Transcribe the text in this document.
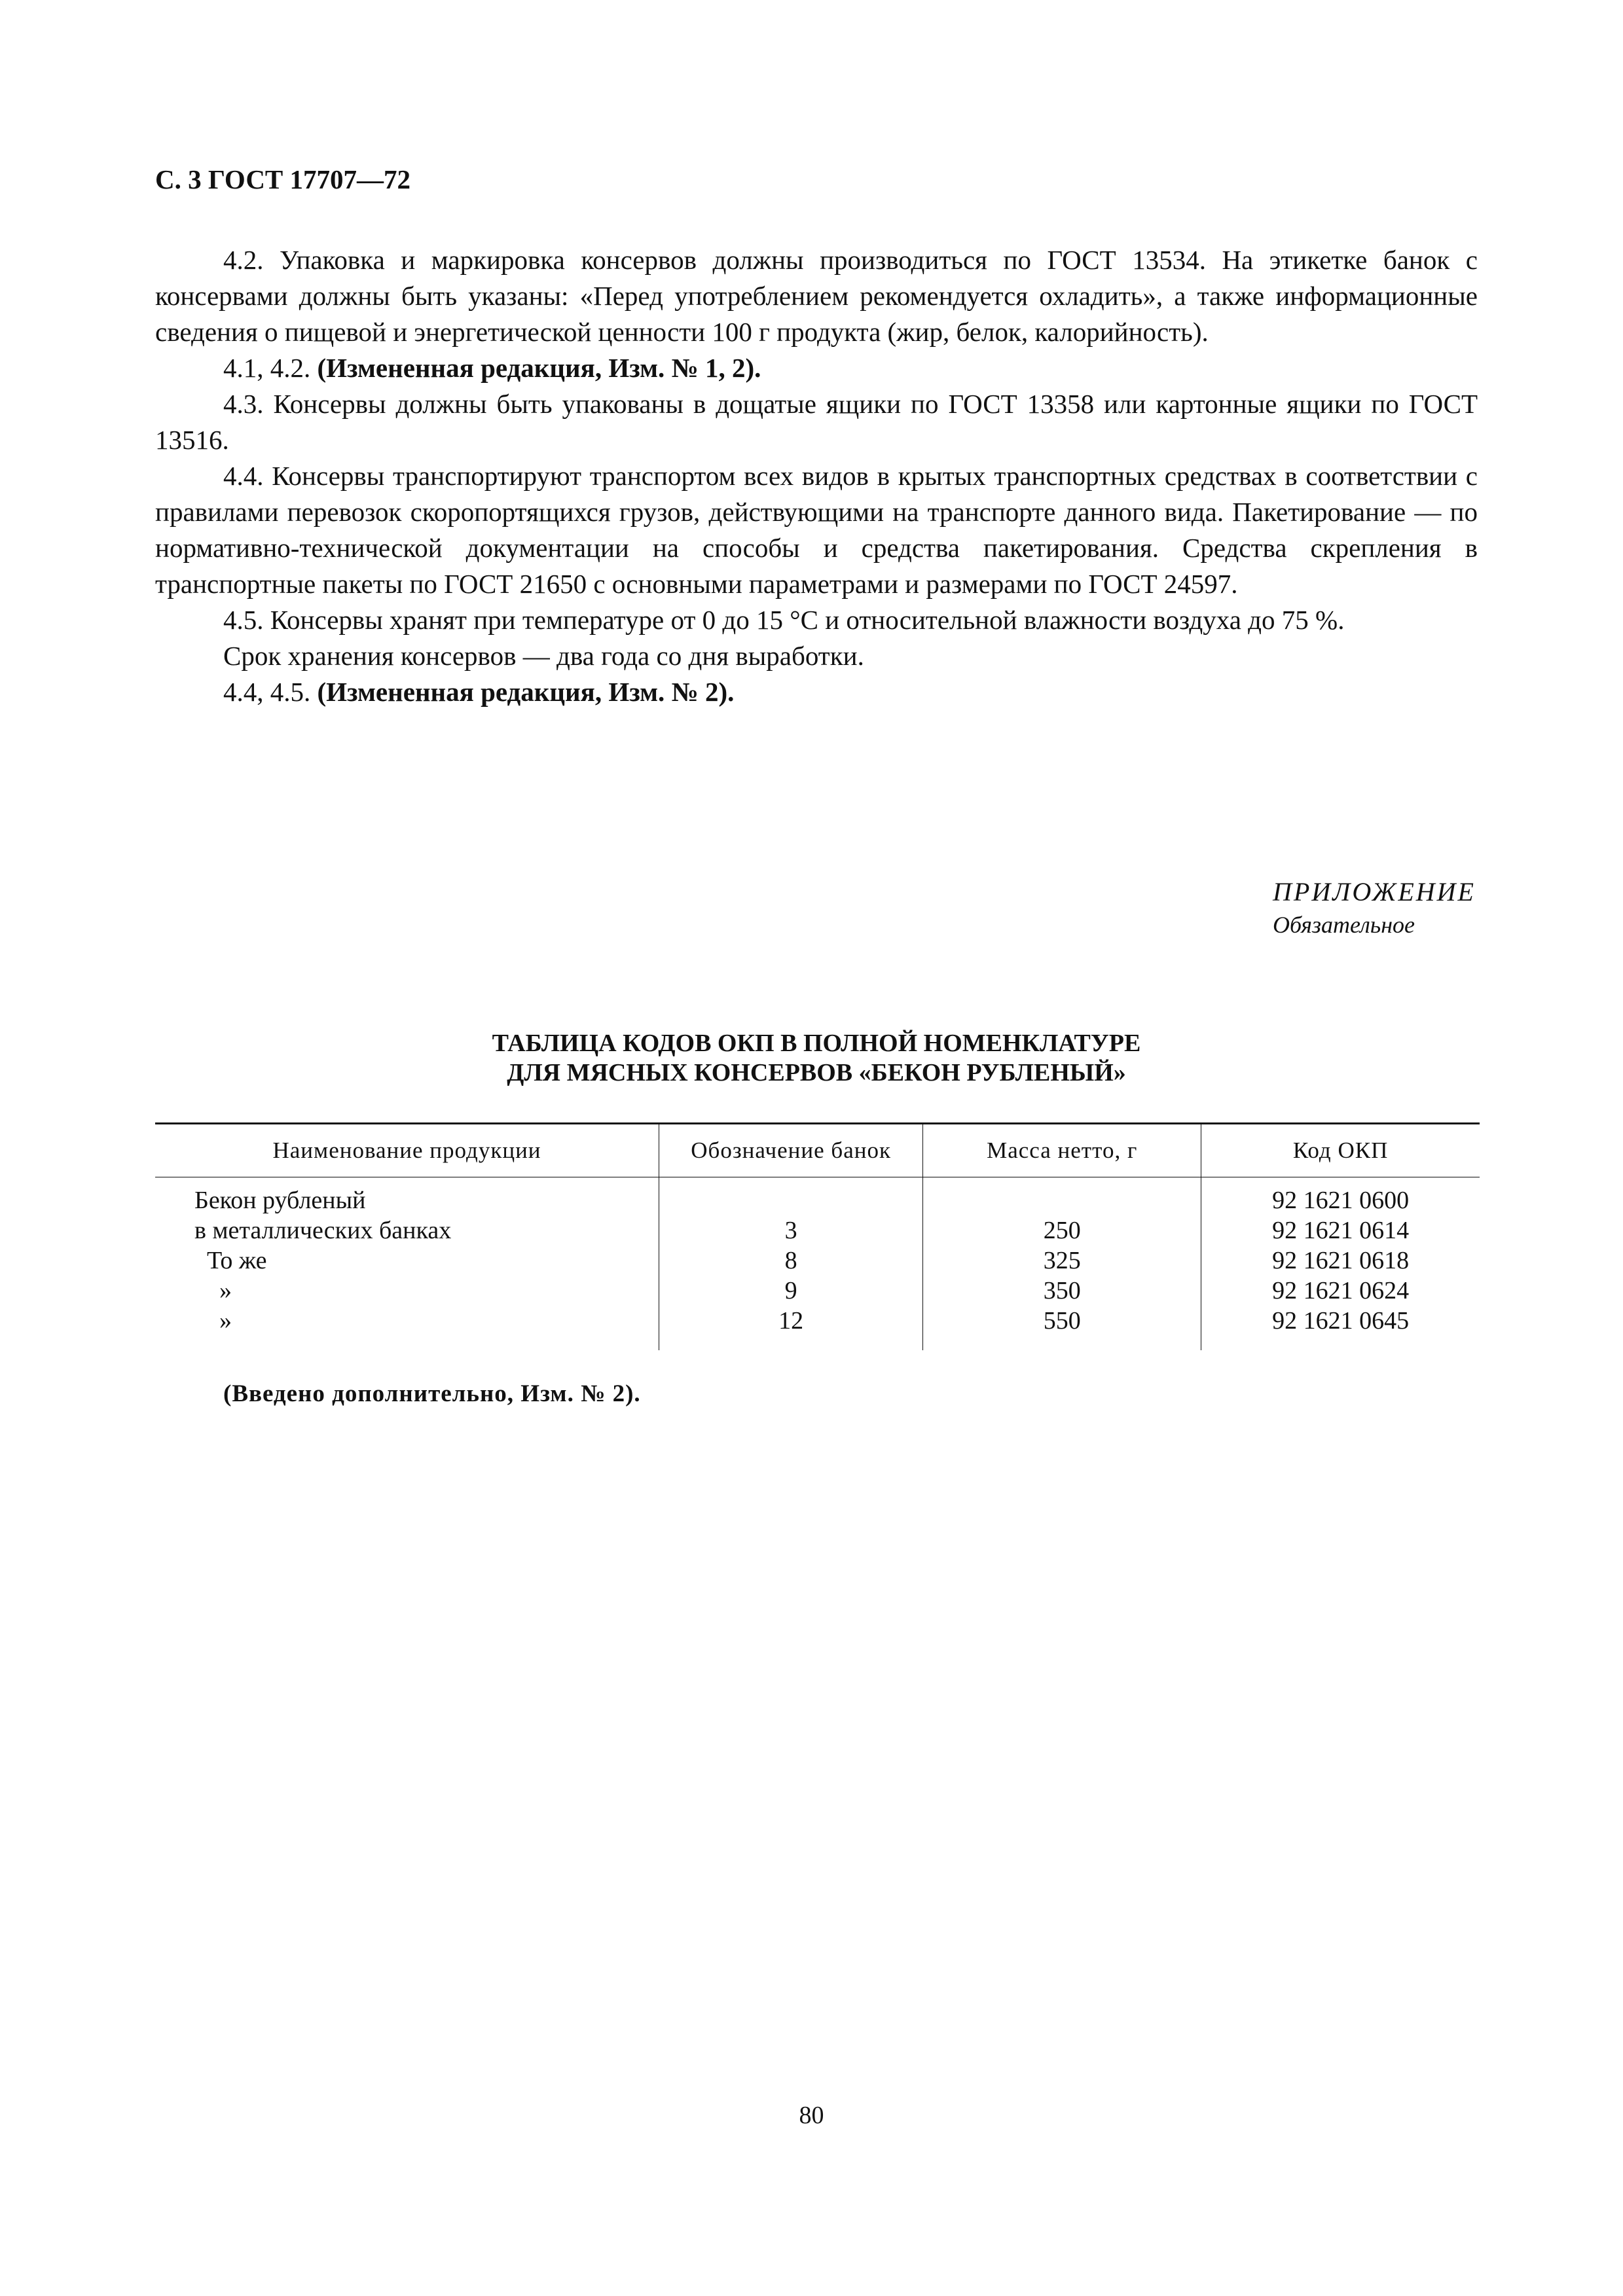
С. 3 ГОСТ 17707—72

4.2. Упаковка и маркировка консервов должны производиться по ГОСТ 13534. На этикетке банок с консервами должны быть указаны: «Перед употреблением рекомендуется охладить», а также информационные сведения о пищевой и энергетической ценности 100 г продукта (жир, белок, калорийность).

4.1, 4.2. (Измененная редакция, Изм. № 1, 2).

4.3. Консервы должны быть упакованы в дощатые ящики по ГОСТ 13358 или картонные ящики по ГОСТ 13516.

4.4. Консервы транспортируют транспортом всех видов в крытых транспортных средствах в соответствии с правилами перевозок скоропортящихся грузов, действующими на транспорте данного вида. Пакетирование — по нормативно-технической документации на способы и средства пакетирования. Средства скрепления в транспортные пакеты по ГОСТ 21650 с основными параметрами и размерами по ГОСТ 24597.

4.5. Консервы хранят при температуре от 0 до 15 °С и относительной влажности воздуха до 75 %.

Срок хранения консервов — два года со дня выработки.

4.4, 4.5. (Измененная редакция, Изм. № 2).

ПРИЛОЖЕНИЕ
Обязательное
ТАБЛИЦА КОДОВ ОКП В ПОЛНОЙ НОМЕНКЛАТУРЕ
ДЛЯ МЯСНЫХ КОНСЕРВОВ «БЕКОН РУБЛЕНЫЙ»
Наименование продукции	Обозначение банок	Масса нетто, г	Код ОКП

Бекон рубленый			92 1621 0600
в металлических банках	3	250	92 1621 0614
То же	8	325	92 1621 0618
»	9	350	92 1621 0624
»	12	550	92 1621 0645

(Введено дополнительно, Изм. № 2).
80
